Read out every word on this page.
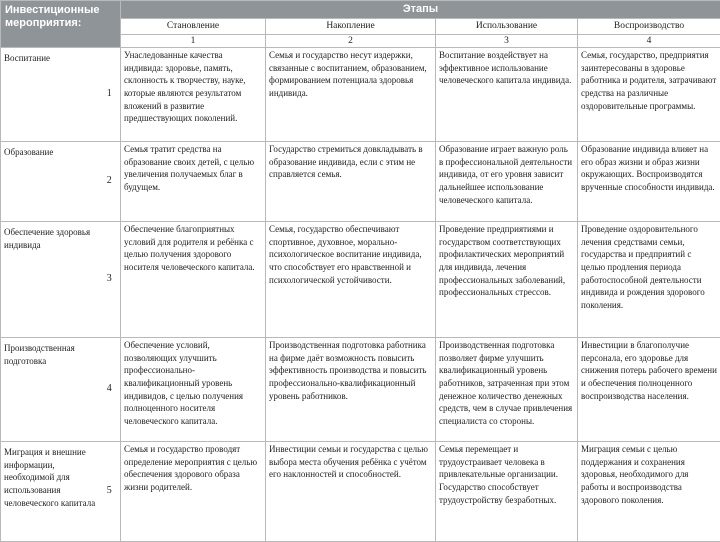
Инвестиционные мероприятия:		Этапы			
		Становление	Накопление	Использование	Воспроизводство
		1	2	3	4
Воспитание	1	Унаследованные качества индивида: здоровье, память, склонность к творчеству, науке, которые являются результатом вложений в развитие предшествующих поколений.	Семья и государство несут издержки, связанные с воспитанием, образованием, формированием потенциала здоровья индивида.	Воспитание воздействует на эффективное использование человеческого капитала индивида.	Семья, государство, предприятия заинтересованы в здоровье работника и родителя, затрачивают средства на различные оздоровительные программы.
Образование	2	Семья тратит средства на образование своих детей, с целью увеличения получаемых благ в будущем.	Государство стремиться довкладывать в образование индивида, если с этим не справляется семья.	Образование играет важную роль в профессиональной деятельности индивида, от его уровня зависит дальнейшее использование человеческого капитала.	Образование индивида влияет на его образ жизни и образ жизни окружающих. Воспроизводятся врученные способности индивида.
Обеспечение здоровья индивида	3	Обеспечение благоприятных условий для родителя и ребёнка с целью получения здорового носителя человеческого капитала.	Семья, государство обеспечивают спортивное, духовное, морально-психологическое воспитание индивида, что способствует его нравственной и психологической устойчивости.	Проведение предприятиями и государством соответствующих профилактических мероприятий для индивида, лечения профессиональных заболеваний, профессиональных стрессов.	Проведение оздоровительного лечения средствами семьи, государства и предприятий с целью продления периода работоспособной деятельности индивида и рождения здорового поколения.
Производственная подготовка	4	Обеспечение условий, позволяющих улучшить профессионально-квалификационный уровень индивидов, с целью получения полноценного носителя человеческого капитала.	Производственная подготовка работника на фирме даёт возможность повысить эффективность производства и повысить профессионально-квалификационный уровень работников.	Производственная подготовка позволяет фирме улучшить квалификационный уровень работников, затраченная при этом денежное количество денежных средств, чем в случае привлечения специалиста со стороны.	Инвестиции в благополучие персонала, его здоровье для снижения потерь рабочего времени и обеспечения полноценного воспроизводства населения.
Миграция и внешние информации, необходимой для использования человеческого капитала	5	Семья и государство проводят определение мероприятия с целью обеспечения здорового образа жизни родителей.	Инвестиции семьи и государства с целью выбора места обучения ребёнка с учётом его наклонностей и способностей.	Семья перемещает и трудоустраивает человека в привлекательные организации. Государство способствует трудоустройству безработных.	Миграция семьи с целью поддержания и сохранения здоровья, необходимого для работы и воспроизводства здорового поколения.
